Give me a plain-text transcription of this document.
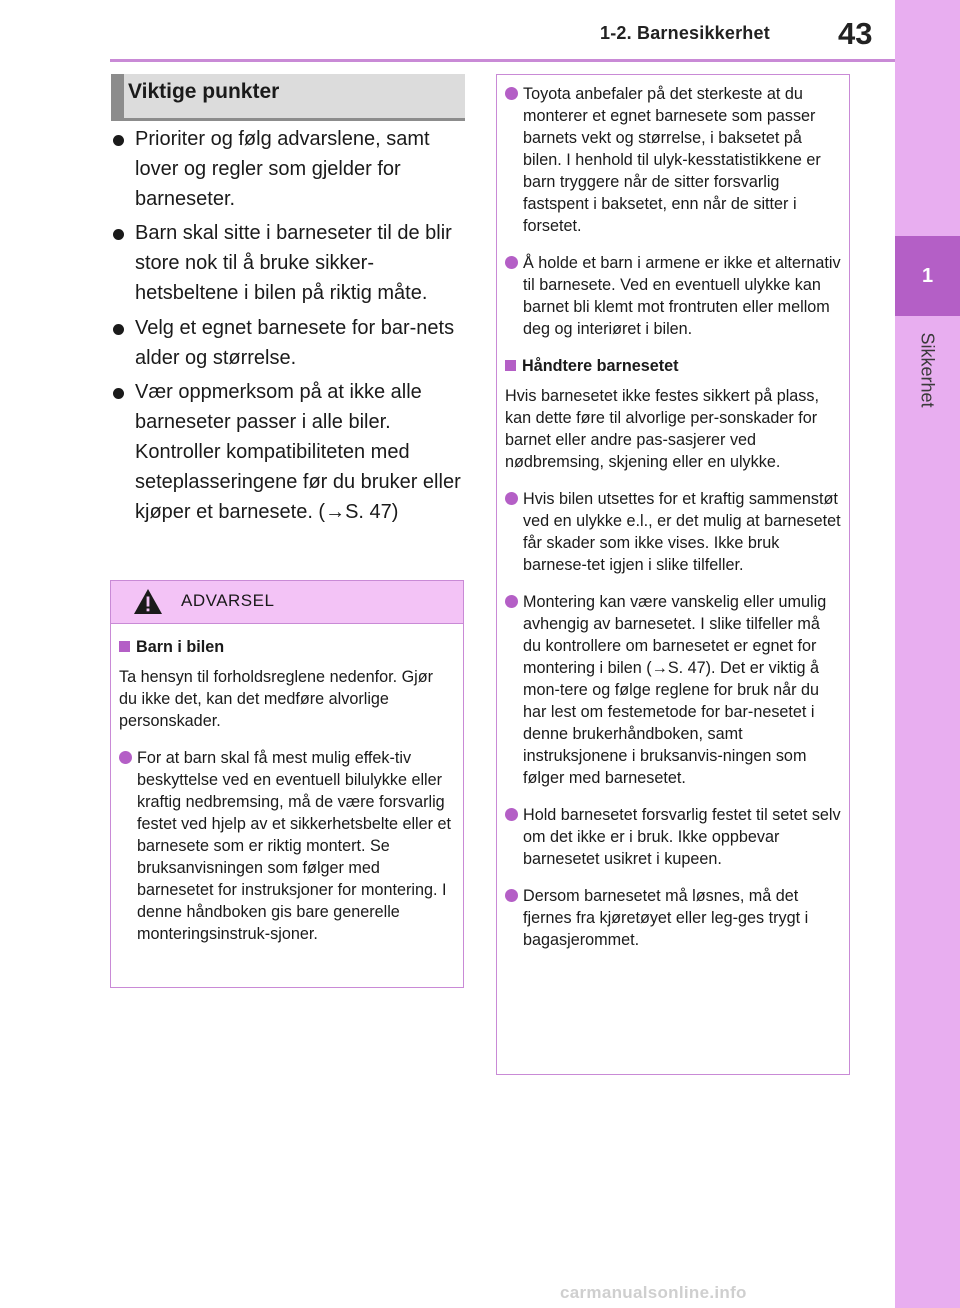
1-2. Barnesikkerhet 43
1
Sikkerhet
Viktige punkter
Prioriter og følg advarslene, samt lover og regler som gjelder for barneseter.
Barn skal sitte i barneseter til de blir store nok til å bruke sikker-hetsbeltene i bilen på riktig måte.
Velg et egnet barnesete for bar-nets alder og størrelse.
Vær oppmerksom på at ikke alle barneseter passer i alle biler. Kontroller kompatibiliteten med seteplasseringene før du bruker eller kjøper et barnesete. (→S. 47)
ADVARSEL
Barn i bilen

Ta hensyn til forholdsreglene nedenfor. Gjør du ikke det, kan det medføre alvorlige personskader.

For at barn skal få mest mulig effek-tiv beskyttelse ved en eventuell bilulykke eller kraftig nedbremsing, må de være forsvarlig festet ved hjelp av et sikkerhetsbelte eller et barnesete som er riktig montert. Se bruksanvisningen som følger med barnesetet for instruksjoner for montering. I denne håndboken gis bare generelle monteringsinstruk-sjoner.
Toyota anbefaler på det sterkeste at du monterer et egnet barnesete som passer barnets vekt og størrelse, i baksetet på bilen. I henhold til ulyk-kesstatistikkene er barn tryggere når de sitter forsvarlig fastspent i baksetet, enn når de sitter i forsetet.
Å holde et barn i armene er ikke et alternativ til barnesete. Ved en eventuell ulykke kan barnet bli klemt mot frontruten eller mellom deg og interiøret i bilen.
Håndtere barnesetet

Hvis barnesetet ikke festes sikkert på plass, kan dette føre til alvorlige per-sonskader for barnet eller andre pas-sasjerer ved nødbremsing, skjening eller en ulykke.

Hvis bilen utsettes for et kraftig sammenstøt ved en ulykke e.l., er det mulig at barnesetet får skader som ikke vises. Ikke bruk barnese-tet igjen i slike tilfeller.
Montering kan være vanskelig eller umulig avhengig av barnesetet. I slike tilfeller må du kontrollere om barnesetet er egnet for montering i bilen (→S. 47). Det er viktig å mon-tere og følge reglene for bruk når du har lest om festemetode for bar-nesetet i denne brukerhåndboken, samt instruksjonene i bruksanvis-ningen som følger med barnesetet.
Hold barnesetet forsvarlig festet til setet selv om det ikke er i bruk. Ikke oppbevar barnesetet usikret i kupeen.
Dersom barnesetet må løsnes, må det fjernes fra kjøretøyet eller leg-ges trygt i bagasjerommet.
carmanualsonline.info
